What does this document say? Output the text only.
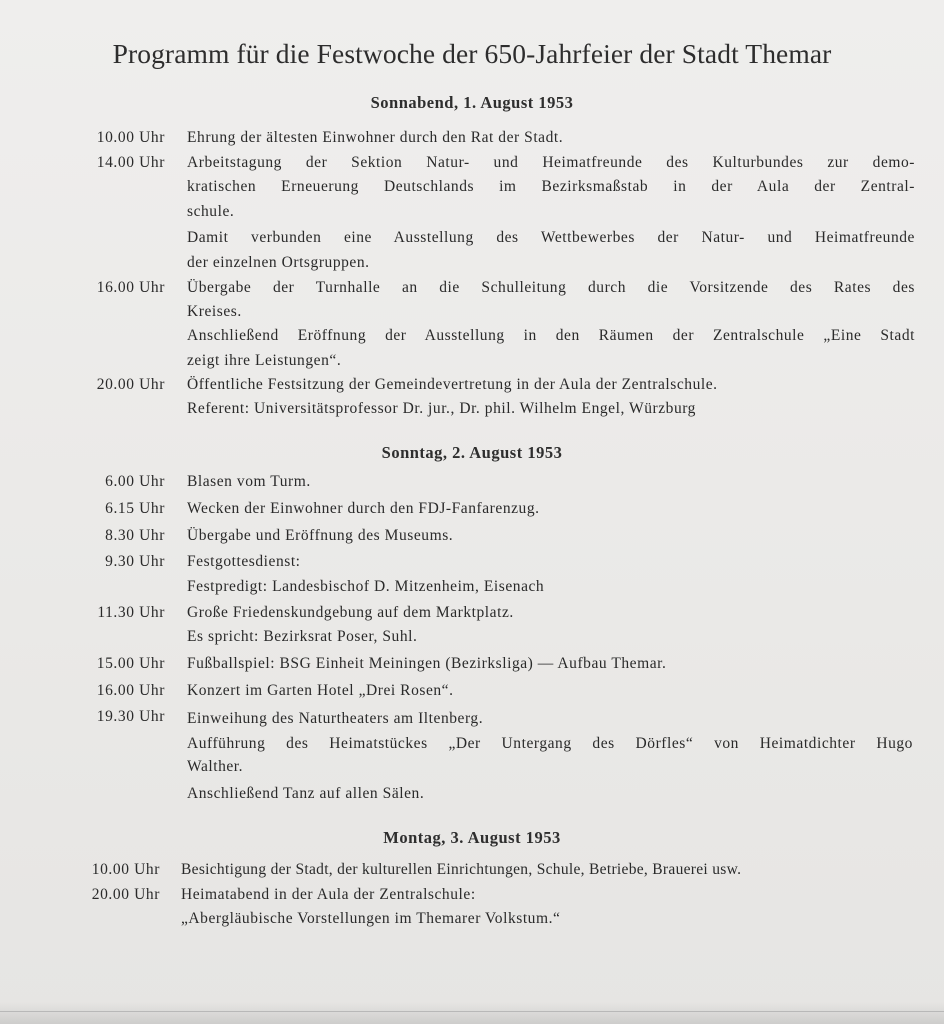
Programm für die Festwoche der 650-Jahrfeier der Stadt Themar
Sonnabend, 1. August 1953
10.00 Uhr Ehrung der ältesten Einwohner durch den Rat der Stadt.
14.00 Uhr Arbeitstagung der Sektion Natur- und Heimatfreunde des Kulturbundes zur demo-
kratischen Erneuerung Deutschlands im Bezirksmaßstab in der Aula der Zentral-
schule.
Damit verbunden eine Ausstellung des Wettbewerbes der Natur- und Heimatfreunde
der einzelnen Ortsgruppen.
16.00 Uhr Übergabe der Turnhalle an die Schulleitung durch die Vorsitzende des Rates des
Kreises.
Anschließend Eröffnung der Ausstellung in den Räumen der Zentralschule „Eine Stadt
zeigt ihre Leistungen“.
20.00 Uhr Öffentliche Festsitzung der Gemeindevertretung in der Aula der Zentralschule.
Referent: Universitätsprofessor Dr. jur., Dr. phil. Wilhelm Engel, Würzburg
Sonntag, 2. August 1953
6.00 Uhr Blasen vom Turm.
6.15 Uhr Wecken der Einwohner durch den FDJ-Fanfarenzug.
8.30 Uhr Übergabe und Eröffnung des Museums.
9.30 Uhr Festgottesdienst:
Festpredigt: Landesbischof D. Mitzenheim, Eisenach
11.30 Uhr Große Friedenskundgebung auf dem Marktplatz.
Es spricht: Bezirksrat Poser, Suhl.
15.00 Uhr Fußballspiel: BSG Einheit Meiningen (Bezirksliga) — Aufbau Themar.
16.00 Uhr Konzert im Garten Hotel „Drei Rosen“.
19.30 Uhr Einweihung des Naturtheaters am Iltenberg.
Aufführung des Heimatstückes „Der Untergang des Dörfles“ von Heimatdichter Hugo
Walther.
Anschließend Tanz auf allen Sälen.
Montag, 3. August 1953
10.00 Uhr Besichtigung der Stadt, der kulturellen Einrichtungen, Schule, Betriebe, Brauerei usw.
20.00 Uhr Heimatabend in der Aula der Zentralschule:
„Abergläubische Vorstellungen im Themarer Volkstum.“
